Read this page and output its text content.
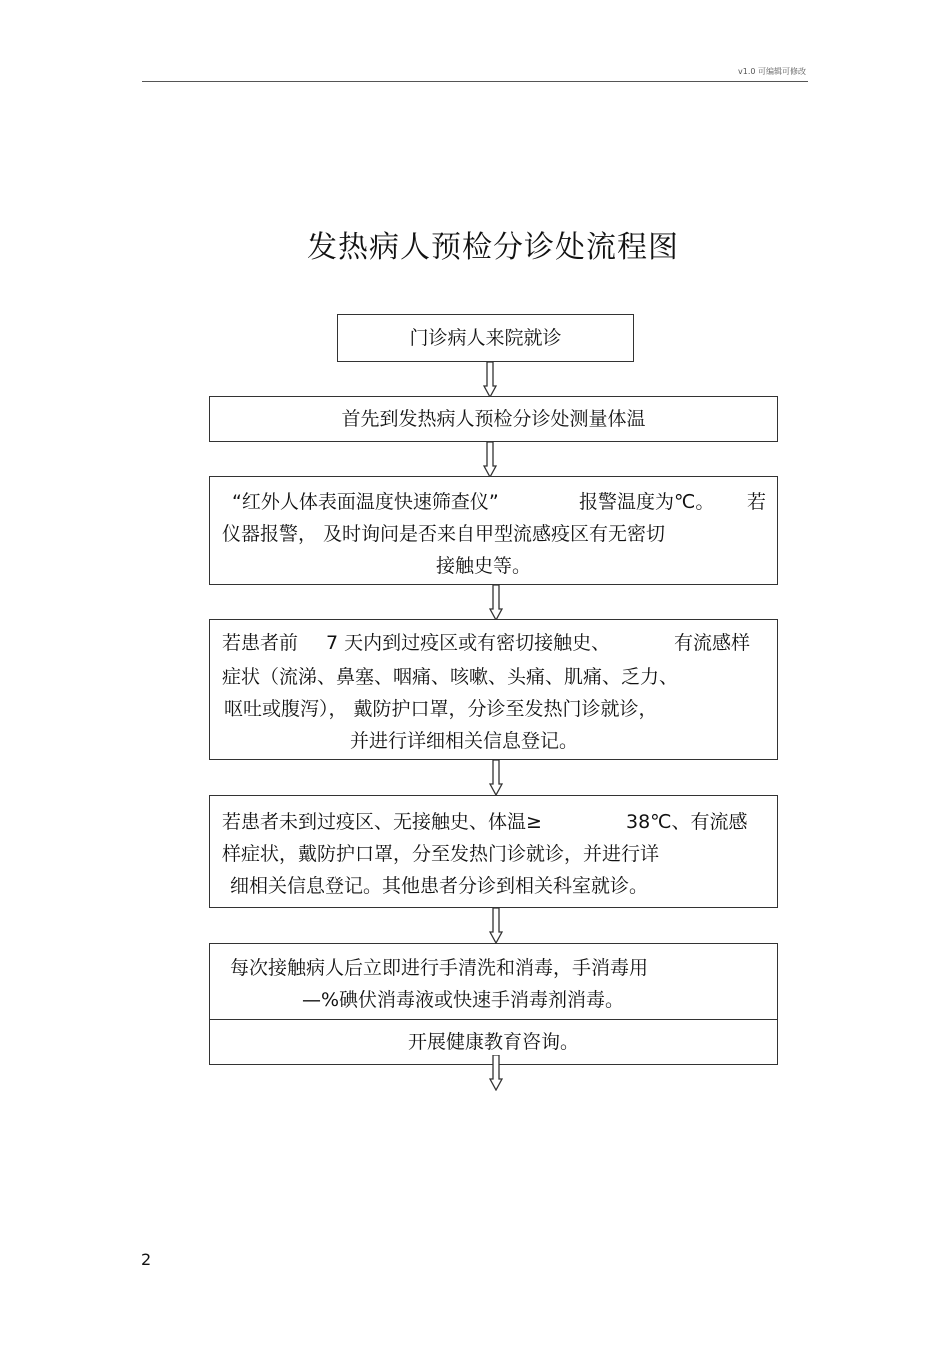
v1.0 可编辑可修改
发热病人预检分诊处流程图
门诊病人来院就诊
首先到发热病人预检分诊处测量体温
“红外人体表面温度快速筛查仪”	报警温度为℃。 若
仪器报警， 及时询问是否来自甲型流感疫区有无密切
接触史等。
若患者前 7 天内到过疫区或有密切接触史、	有流感样
症状（流涕、鼻塞、咽痛、咳嗽、头痛、肌痛、乏力、
呕吐或腹泻）， 戴防护口罩，分诊至发热门诊就诊，
并进行详细相关信息登记。
若患者未到过疫区、无接触史、体温≥	38℃、有流感
样症状，戴防护口罩，分至发热门诊就诊，并进行详
细相关信息登记。其他患者分诊到相关科室就诊。
每次接触病人后立即进行手清洗和消毒，手消毒用
—%碘伏消毒液或快速手消毒剂消毒。
开展健康教育咨询。
2
